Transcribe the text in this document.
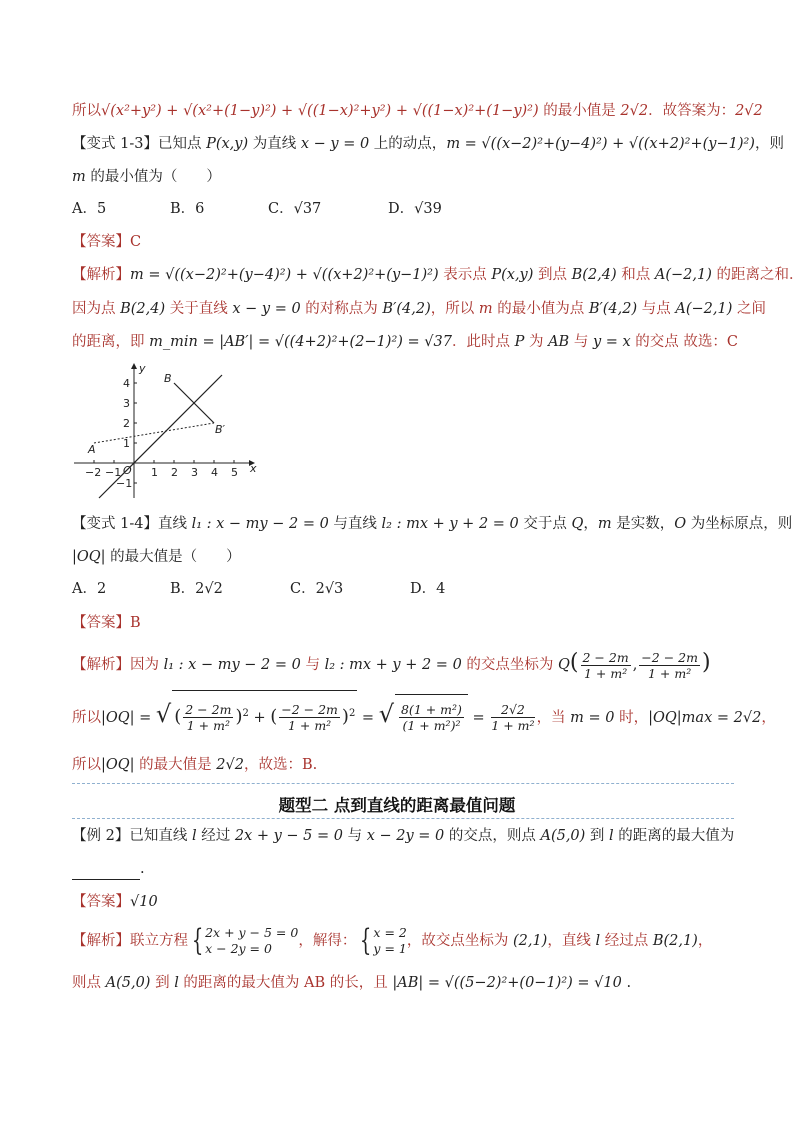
所以√(x²+y²) + √(x²+(1−y)²) + √((1−x)²+y²) + √((1−x)²+(1−y)²) 的最小值是 2√2．故答案为：2√2
【变式 1-3】已知点 P(x,y) 为直线 x − y = 0 上的动点，m = √((x−2)²+(y−4)²) + √((x+2)²+(y−1)²)，则
m 的最小值为（　　）
A．5	B．6	C．√37	D．√39
【答案】C
【解析】m = √((x−2)²+(y−4)²) + √((x+2)²+(y−1)²) 表示点 P(x,y) 到点 B(2,4) 和点 A(−2,1) 的距离之和．
因为点 B(2,4) 关于直线 x − y = 0 的对称点为 B′(4,2)，所以 m 的最小值为点 B′(4,2) 与点 A(−2,1) 之间
的距离，即 m_min = |AB′| = √((4+2)²+(2−1)²) = √37．此时点 P 为 AB 与 y = x 的交点 故选：C
−2 −1 O 1 2 3 4 5 x
4
3
2
1
−1
y
A
B
B′
【变式 1-4】直线 l₁ : x − my − 2 = 0 与直线 l₂ : mx + y + 2 = 0 交于点 Q，m 是实数，O 为坐标原点，则
|OQ| 的最大值是（　　）
A．2	B．2√2	C．2√3	D．4
【答案】B
【解析】因为 l₁ : x − my − 2 = 0 与 l₂ : mx + y + 2 = 0 的交点坐标为 $Q( \frac{2 - 2m}{\text{1 + m²}}$ , $\frac{-2 - 2m}{\text{1 + m²}}$ )
所以|OQ| = √ ( $\frac{2 - 2m}{\text{1 + m²}} )^2$ + ( $\frac{-2 - 2m}{\text{1 + m²}} )^2$ = √ $\frac{\text{8(1 + m²)}}{\text{(1 + m²)²}} = \frac{2√2}{\text{1 + m²}}$ ，当 m = 0 时，|OQ|max = 2√2，
所以|OQ| 的最大值是 2√2，故选：B.
题型二 点到直线的距离最值问题
【例 2】已知直线 l 经过 2x + y − 5 = 0 与 x − 2y = 0 的交点，则点 A(5,0) 到 l 的距离的最大值为
.
【答案】√10
【解析】联立方程 { 2x + y − 5 = 0
x − 2y = 0	，解得： { x = 2
y = 1 ，故交点坐标为 (2,1)，直线 l 经过点 B(2,1)，
则点 A(5,0) 到 l 的距离的最大值为 AB 的长，且 |AB| = √((5−2)²+(0−1)²) = √10 .
